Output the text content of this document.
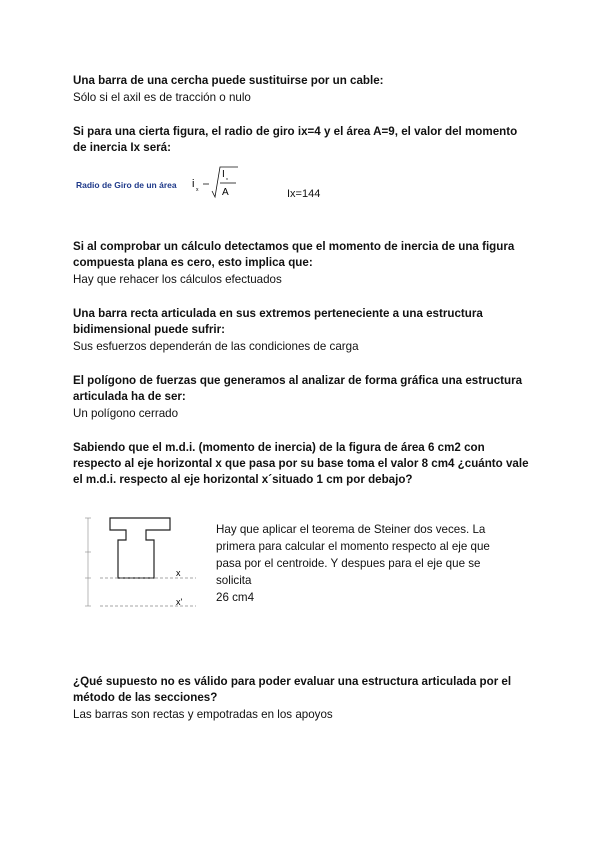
Una barra de una cercha puede sustituirse por un cable:
Sólo si el axil es de tracción o nulo
Si para una cierta figura, el radio de giro ix=4 y el área A=9, el valor del momento de inercia Ix será:
Radio de Giro de un área i x
I x
A	Ix=144
Si al comprobar un cálculo detectamos que el momento de inercia de una figura compuesta plana es cero, esto implica que:
Hay que rehacer los cálculos efectuados
Una barra recta articulada en sus extremos perteneciente a una estructura bidimensional puede sufrir:
Sus esfuerzos dependerán de las condiciones de carga
El polígono de fuerzas que generamos al analizar de forma gráfica una estructura articulada ha de ser:
Un polígono cerrado
Sabiendo que el m.d.i. (momento de inercia) de la figura de área 6 cm2 con respecto al eje horizontal x que pasa por su base toma el valor 8 cm4 ¿cuánto vale el m.d.i. respecto al eje horizontal x´situado 1 cm por debajo?
x
x'
Hay que aplicar el teorema de Steiner dos veces. La primera para calcular el momento respecto al eje que pasa por el centroide. Y despues para el eje que se solicita
26 cm4
¿Qué supuesto no es válido para poder evaluar una estructura articulada por el método de las secciones?
Las barras son rectas y empotradas en los apoyos
